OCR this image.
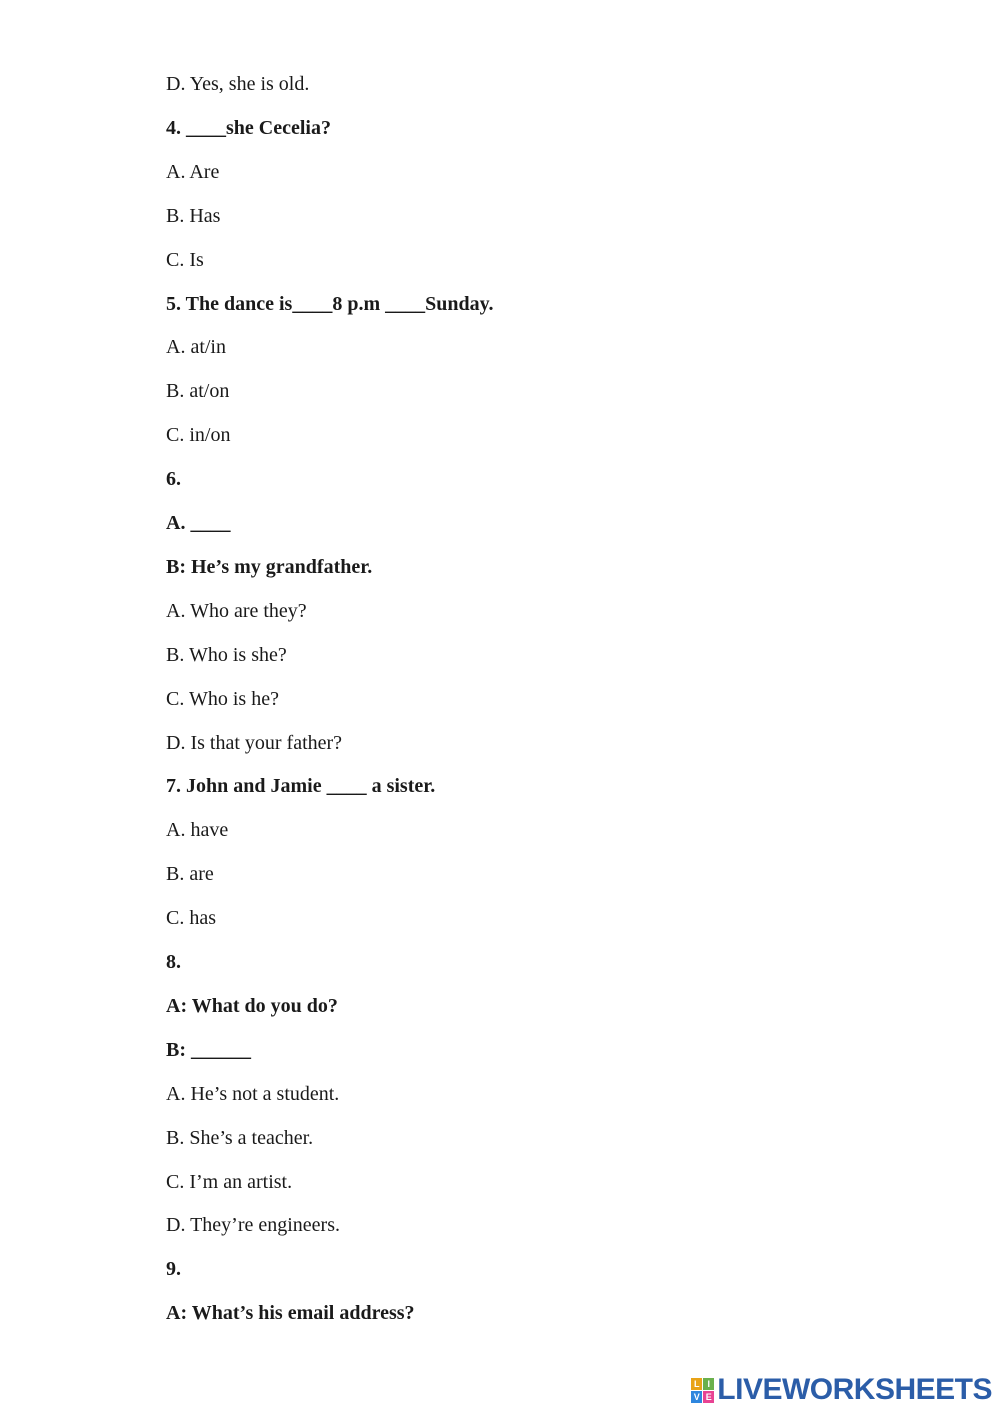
D. Yes, she is old.
4. ____she Cecelia?
A. Are
B. Has
C. Is
5. The dance is____8 p.m ____Sunday.
A. at/in
B. at/on
C. in/on
6.
A. ____
B: He’s my grandfather.
A. Who are they?
B. Who is she?
C. Who is he?
D. Is that your father?
7. John and Jamie ____ a sister.
A. have
B. are
C. has
8.
A: What do you do?
B: ______
A. He’s not a student.
B. She’s a teacher.
C. I’m an artist.
D. They’re engineers.
9.
A: What’s his email address?
L I
V E LIVEWORKSHEETS
